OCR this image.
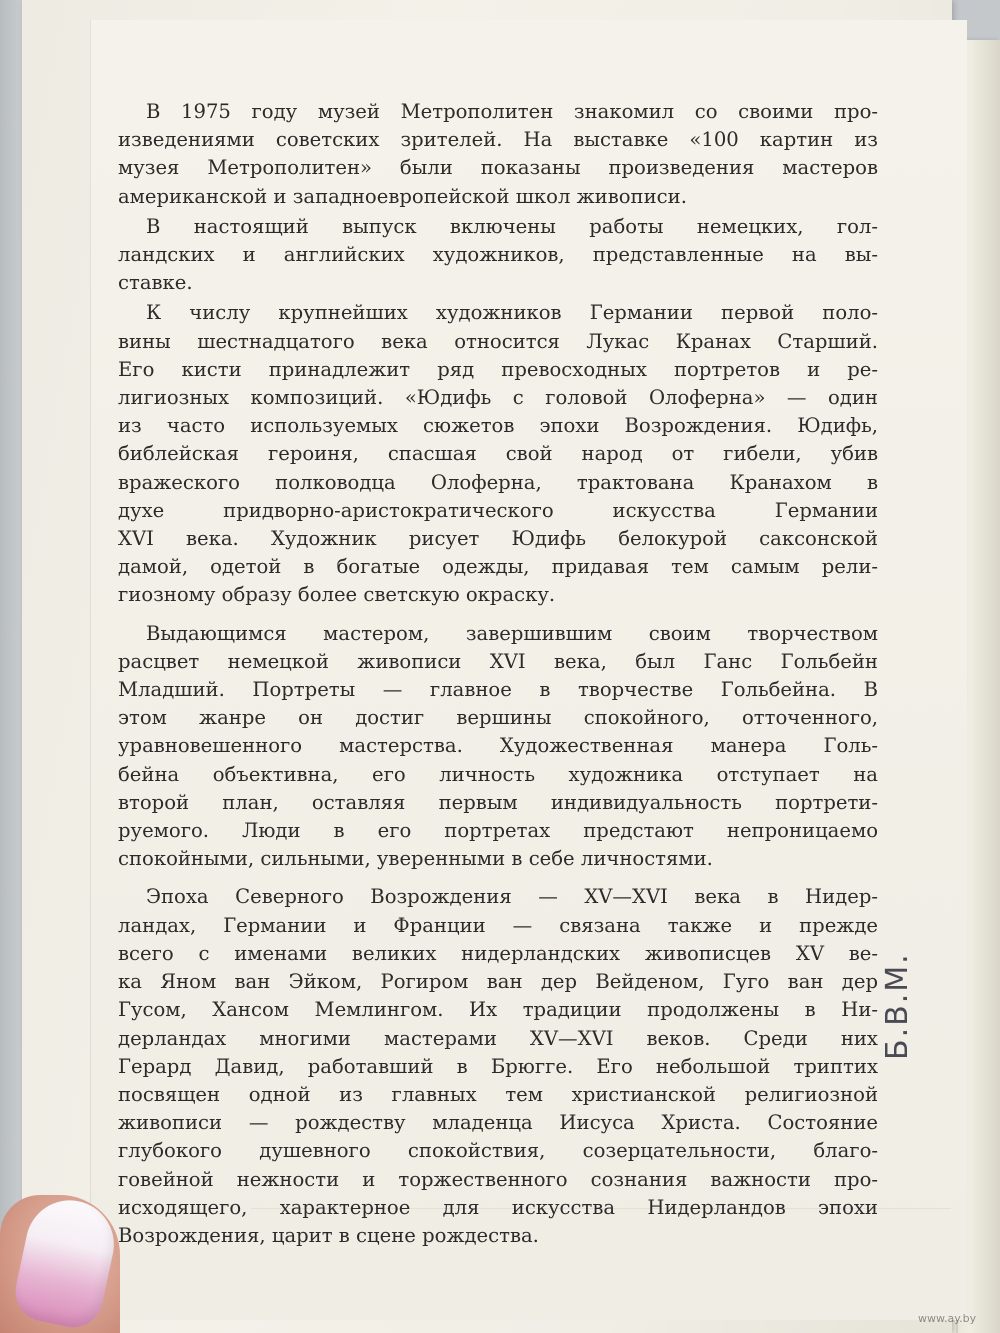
В 1975 году музей Метрополитен знакомил со своими про-
изведениями советских зрителей. На выставке «100 картин из
музея Метрополитен» были показаны произведения мастеров
американской и западноевропейской школ живописи.

В настоящий выпуск включены работы немецких, гол-
ландских и английских художников, представленные на вы-
ставке.

К числу крупнейших художников Германии первой поло-
вины шестнадцатого века относится Лукас Кранах Старший.
Его кисти принадлежит ряд превосходных портретов и ре-
лигиозных композиций. «Юдифь с головой Олоферна» — один
из часто используемых сюжетов эпохи Возрождения. Юдифь,
библейская героиня, спасшая свой народ от гибели, убив
вражеского полководца Олоферна, трактована Кранахом в
духе придворно-аристократического искусства Германии
XVI века. Художник рисует Юдифь белокурой саксонской
дамой, одетой в богатые одежды, придавая тем самым рели-
гиозному образу более светскую окраску.

Выдающимся мастером, завершившим своим творчеством
расцвет немецкой живописи XVI века, был Ганс Гольбейн
Младший. Портреты — главное в творчестве Гольбейна. В
этом жанре он достиг вершины спокойного, отточенного,
уравновешенного мастерства. Художественная манера Голь-
бейна объективна, его личность художника отступает на
второй план, оставляя первым индивидуальность портрети-
руемого. Люди в его портретах предстают непроницаемо
спокойными, сильными, уверенными в себе личностями.

Эпоха Северного Возрождения — XV—XVI века в Нидер-
ландах, Германии и Франции — связана также и прежде
всего с именами великих нидерландских живописцев XV ве-
ка Яном ван Эйком, Рогиром ван дер Вейденом, Гуго ван дер
Гусом, Хансом Мемлингом. Их традиции продолжены в Ни-
дерландах многими мастерами XV—XVI веков. Среди них
Герард Давид, работавший в Брюгге. Его небольшой триптих
посвящен одной из главных тем христианской религиозной
живописи — рождеству младенца Иисуса Христа. Состояние
глубокого душевного спокойствия, созерцательности, благо-
говейной нежности и торжественного сознания важности про-
исходящего, характерное для искусства Нидерландов эпохи
Возрождения, царит в сцене рождества.

Б.В.М.
www.ay.by
